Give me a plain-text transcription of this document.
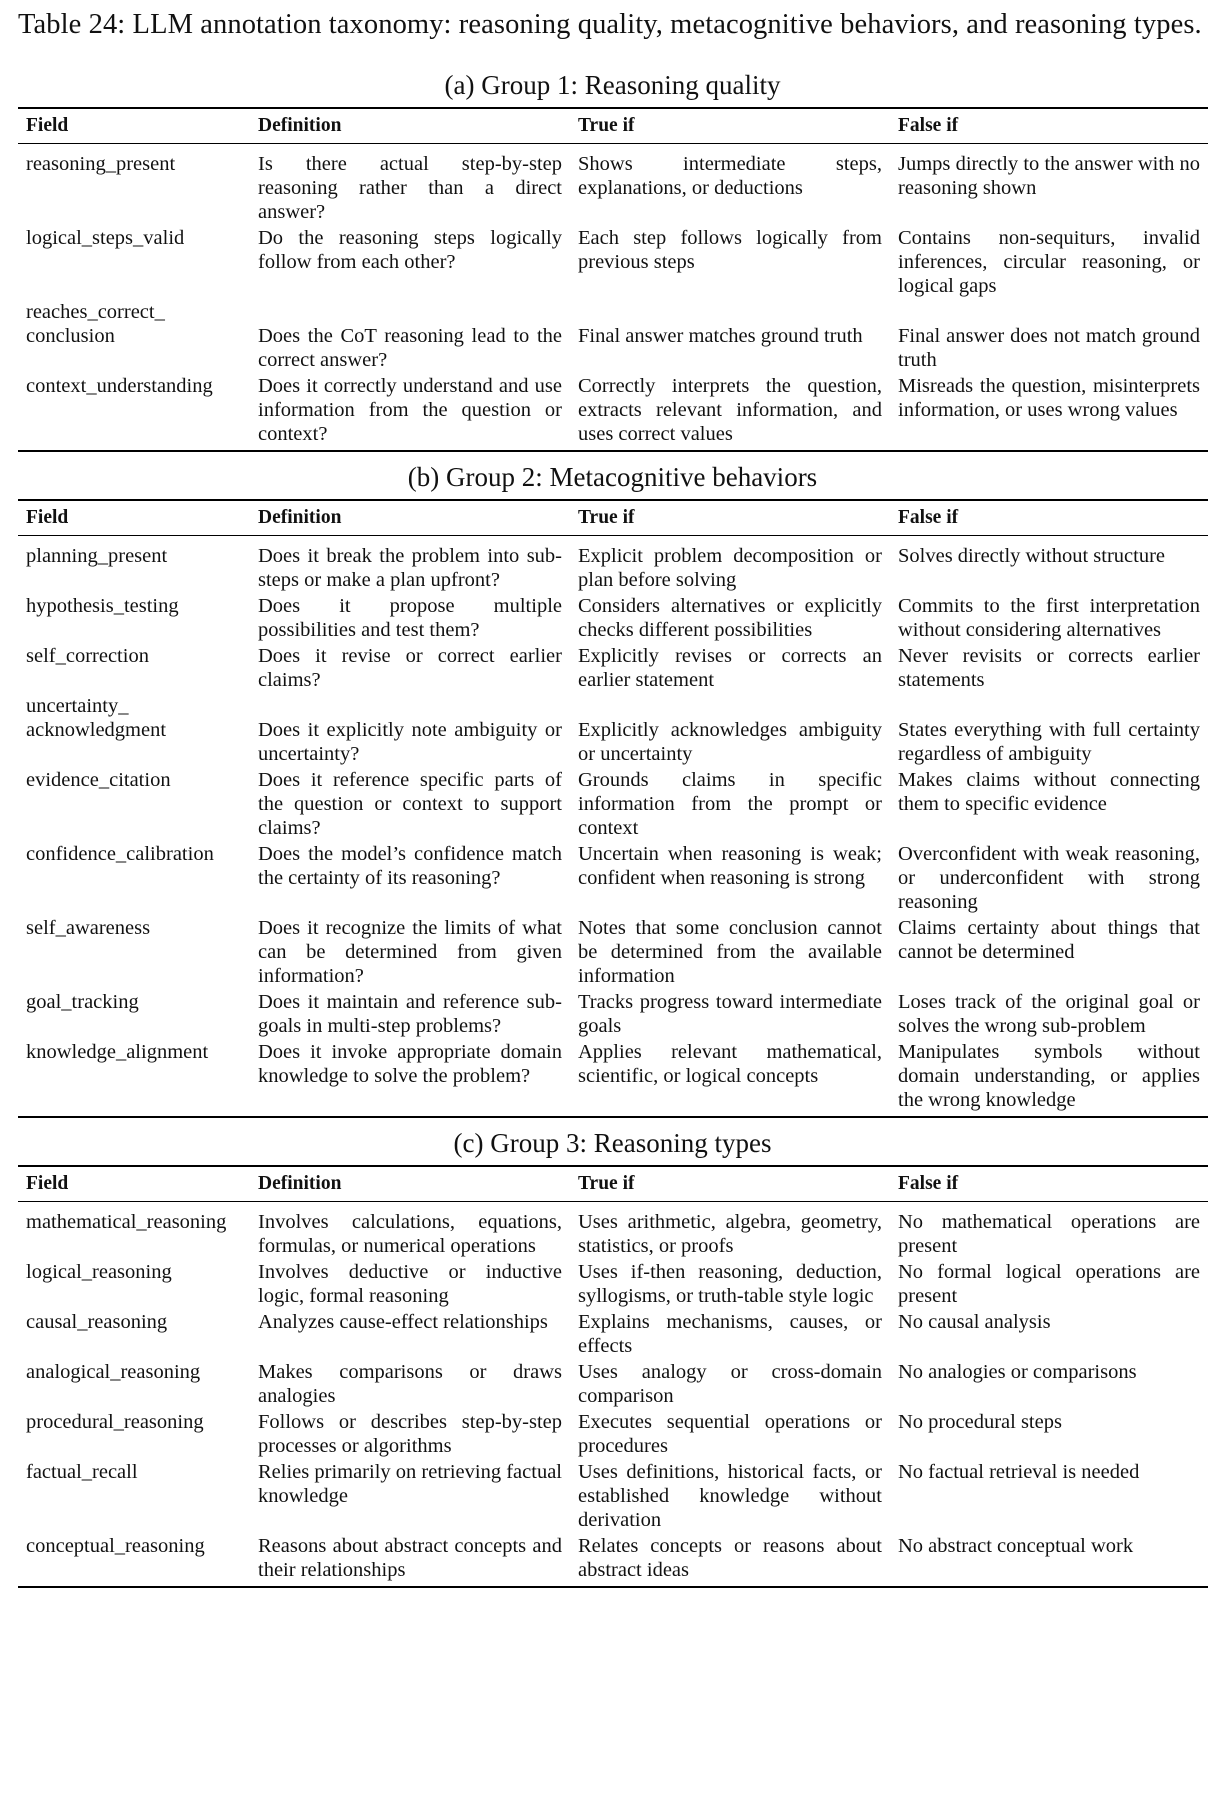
Table 24: LLM annotation taxonomy: reasoning quality, metacognitive behaviors, and reasoning types.

(a) Group 1: Reasoning quality
Field	Definition	True if	False if
reasoning_present	Is there actual step-by-step reasoning rather than a direct answer?	Shows intermediate steps, explanations, or deductions	Jumps directly to the answer with no reasoning shown
logical_steps_valid	Do the reasoning steps logically follow from each other?	Each step follows logically from previous steps	Contains non-sequiturs, invalid inferences, circular reasoning, or logical gaps
reaches_correct_			
conclusion	Does the CoT reasoning lead to the correct answer?	Final answer matches ground truth	Final answer does not match ground truth
context_understanding	Does it correctly understand and use information from the question or context?	Correctly interprets the question, extracts relevant information, and uses correct values	Misreads the question, misinterprets information, or uses wrong values
(b) Group 2: Metacognitive behaviors
Field	Definition	True if	False if
planning_present	Does it break the problem into sub-steps or make a plan upfront?	Explicit problem decomposition or plan before solving	Solves directly without structure
hypothesis_testing	Does it propose multiple possibilities and test them?	Considers alternatives or explicitly checks different possibilities	Commits to the first interpretation without considering alternatives
self_correction	Does it revise or correct earlier claims?	Explicitly revises or corrects an earlier statement	Never revisits or corrects earlier statements
uncertainty_			
acknowledgment	Does it explicitly note ambiguity or uncertainty?	Explicitly acknowledges ambiguity or uncertainty	States everything with full certainty regardless of ambiguity
evidence_citation	Does it reference specific parts of the question or context to support claims?	Grounds claims in specific information from the prompt or context	Makes claims without connecting them to specific evidence
confidence_calibration	Does the model’s confidence match the certainty of its reasoning?	Uncertain when reasoning is weak; confident when reasoning is strong	Overconfident with weak reasoning, or underconfident with strong reasoning
self_awareness	Does it recognize the limits of what can be determined from given information?	Notes that some conclusion cannot be determined from the available information	Claims certainty about things that cannot be determined
goal_tracking	Does it maintain and reference sub-goals in multi-step problems?	Tracks progress toward intermediate goals	Loses track of the original goal or solves the wrong sub-problem
knowledge_alignment	Does it invoke appropriate domain knowledge to solve the problem?	Applies relevant mathematical, scientific, or logical concepts	Manipulates symbols without domain understanding, or applies the wrong knowledge
(c) Group 3: Reasoning types
Field	Definition	True if	False if
mathematical_reasoning	Involves calculations, equations, formulas, or numerical operations	Uses arithmetic, algebra, geometry, statistics, or proofs	No mathematical operations are present
logical_reasoning	Involves deductive or inductive logic, formal reasoning	Uses if-then reasoning, deduction, syllogisms, or truth-table style logic	No formal logical operations are present
causal_reasoning	Analyzes cause-effect relationships	Explains mechanisms, causes, or effects	No causal analysis
analogical_reasoning	Makes comparisons or draws analogies	Uses analogy or cross-domain comparison	No analogies or comparisons
procedural_reasoning	Follows or describes step-by-step processes or algorithms	Executes sequential operations or procedures	No procedural steps
factual_recall	Relies primarily on retrieving factual knowledge	Uses definitions, historical facts, or established knowledge without derivation	No factual retrieval is needed
conceptual_reasoning	Reasons about abstract concepts and their relationships	Relates concepts or reasons about abstract ideas	No abstract conceptual work
